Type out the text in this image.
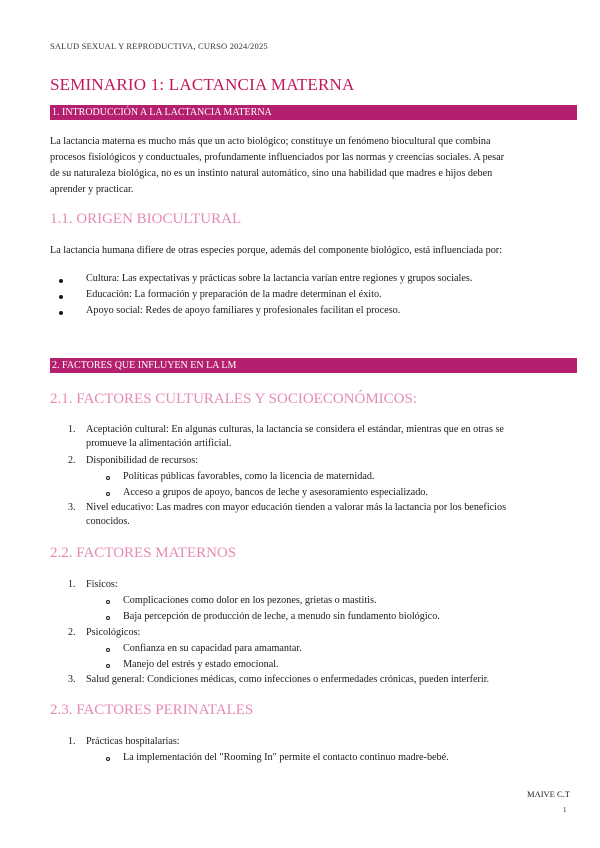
SALUD SEXUAL Y REPRODUCTIVA, CURSO 2024/2025
SEMINARIO 1: LACTANCIA MATERNA
1. INTRODUCCIÓN A LA LACTANCIA MATERNA
La lactancia materna es mucho más que un acto biológico; constituye un fenómeno biocultural que combina
procesos fisiológicos y conductuales, profundamente influenciados por las normas y creencias sociales. A pesar
de su naturaleza biológica, no es un instinto natural automático, sino una habilidad que madres e hijos deben
aprender y practicar.
1.1. ORIGEN BIOCULTURAL
La lactancia humana difiere de otras especies porque, además del componente biológico, está influenciada por:
Cultura: Las expectativas y prácticas sobre la lactancia varían entre regiones y grupos sociales.
Educación: La formación y preparación de la madre determinan el éxito.
Apoyo social: Redes de apoyo familiares y profesionales facilitan el proceso.
2. FACTORES QUE INFLUYEN EN LA LM
2.1. FACTORES CULTURALES Y SOCIOECONÓMICOS:
1. Aceptación cultural: En algunas culturas, la lactancia se considera el estándar, mientras que en otras se
promueve la alimentación artificial.
2. Disponibilidad de recursos:
Políticas públicas favorables, como la licencia de maternidad.
Acceso a grupos de apoyo, bancos de leche y asesoramiento especializado.
3. Nivel educativo: Las madres con mayor educación tienden a valorar más la lactancia por los beneficios
conocidos.
2.2. FACTORES MATERNOS
1. Físicos:
Complicaciones como dolor en los pezones, grietas o mastitis.
Baja percepción de producción de leche, a menudo sin fundamento biológico.
2. Psicológicos:
Confianza en su capacidad para amamantar.
Manejo del estrés y estado emocional.
3. Salud general: Condiciones médicas, como infecciones o enfermedades crónicas, pueden interferir.
2.3. FACTORES PERINATALES
1. Prácticas hospitalarias:
La implementación del "Rooming In" permite el contacto continuo madre-bebé.
MAIVE C.T
1
